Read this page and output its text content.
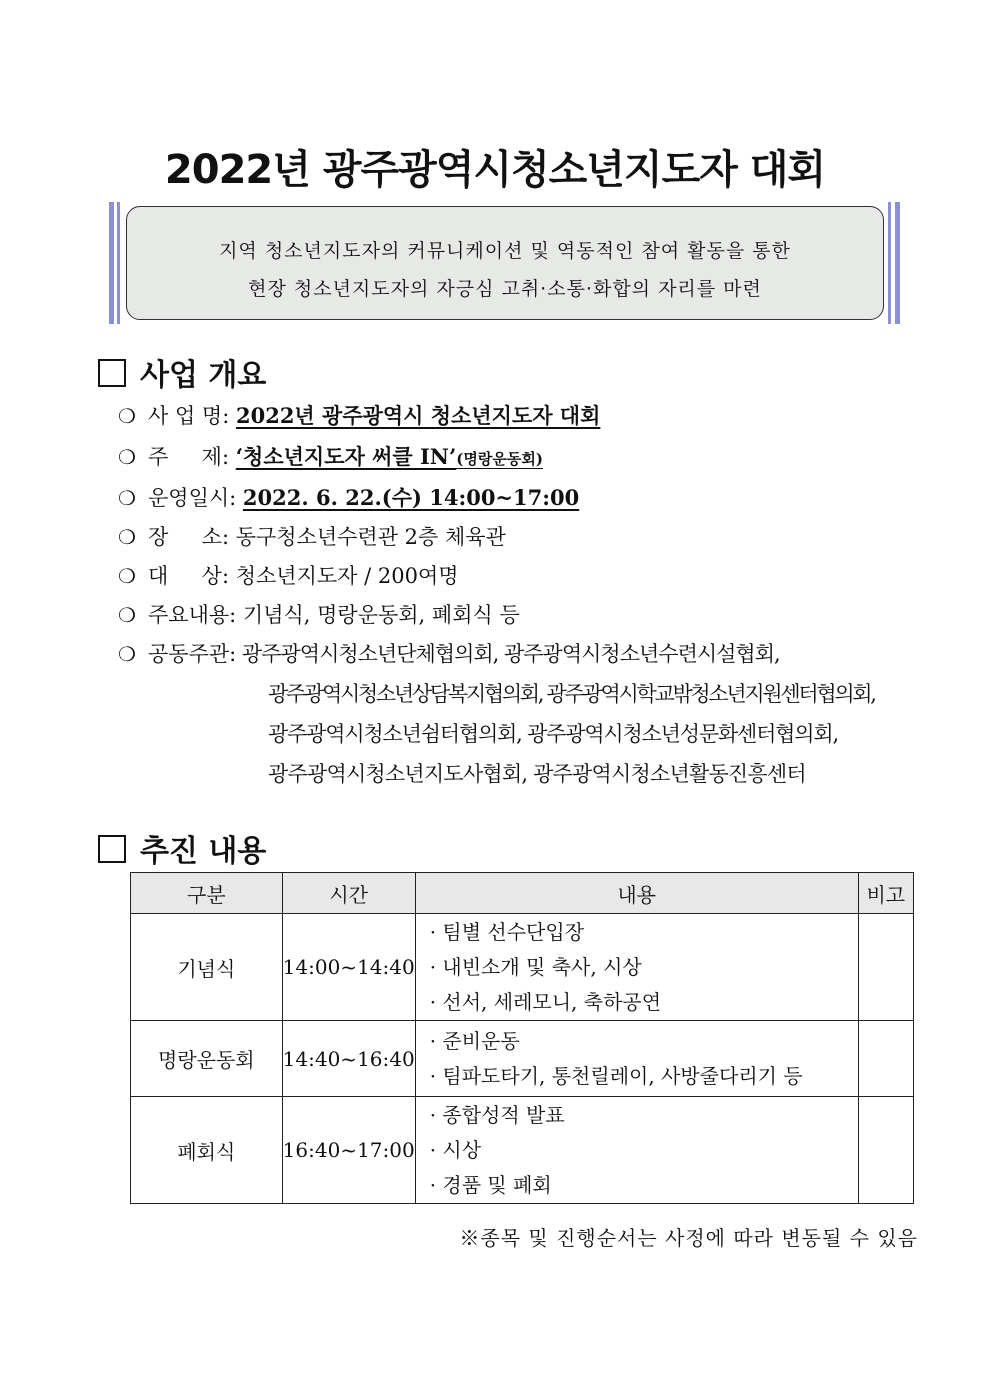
2022년 광주광역시청소년지도자 대회
지역 청소년지도자의 커뮤니케이션 및 역동적인 참여 활동을 통한
현장 청소년지도자의 자긍심 고취·소통·화합의 자리를 마련
사업 개요
❍ 사 업 명: 2022년 광주광역시 청소년지도자 대회
❍ 주     제: ‘청소년지도자 써클 IN’(명랑운동회)
❍ 운영일시: 2022. 6. 22.(수) 14:00~17:00
❍ 장     소: 동구청소년수련관 2층 체육관
❍ 대     상: 청소년지도자 / 200여명
❍ 주요내용: 기념식, 명랑운동회, 폐회식 등
❍ 공동주관: 광주광역시청소년단체협의회, 광주광역시청소년수련시설협회,
광주광역시청소년상담복지협의회, 광주광역시학교밖청소년지원센터협의회,
광주광역시청소년쉼터협의회, 광주광역시청소년성문화센터협의회,
광주광역시청소년지도사협회, 광주광역시청소년활동진흥센터
추진 내용
구분	시간	내용	비고
기념식	14:00~14:40	· 팀별 선수단입장
· 내빈소개 및 축사, 시상
· 선서, 세레모니, 축하공연	

명랑운동회	14:40~16:40	· 준비운동
· 팀파도타기, 통천릴레이, 사방줄다리기 등	

폐회식	16:40~17:00	· 종합성적 발표
· 시상
· 경품 및 폐회	

※종목 및 진행순서는 사정에 따라 변동될 수 있음
